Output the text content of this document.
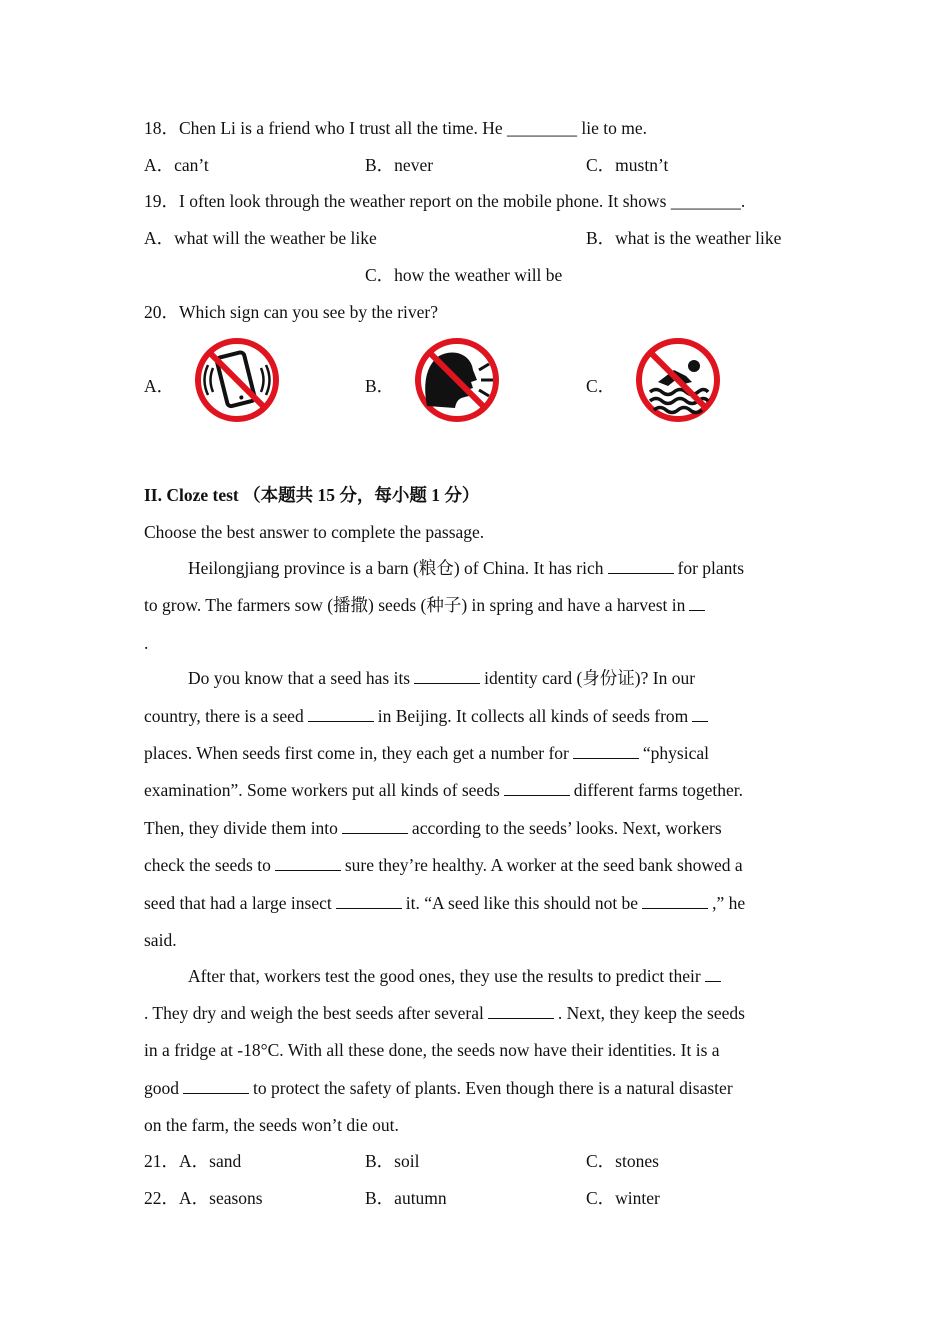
18．Chen Li is a friend who I trust all the time. He ________ lie to me.
A．can’t	B．never	C．mustn’t
19．I often look through the weather report on the mobile phone. It shows ________.
A．what will the weather be like	B．what is the weather like
C．how the weather will be
20．Which sign can you see by the river?
A．	B．	C．
II. Cloze test （本题共 15 分，每小题 1 分）
Choose the best answer to complete the passage.
Heilongjiang province is a barn (粮仓) of China. It has rich	for plants
to grow. The farmers sow (播撒) seeds (种子) in spring and have a harvest in
.
Do you know that a seed has its	identity card (身份证)? In our
country, there is a seed	in Beijing. It collects all kinds of seeds from
places. When seeds first come in, they each get a number for	“physical
examination”. Some workers put all kinds of seeds	different farms together.
Then, they divide them into	according to the seeds’ looks. Next, workers
check the seeds to	sure they’re healthy. A worker at the seed bank showed a
seed that had a large insect	it. “A seed like this should not be	,” he
said.
After that, workers test the good ones, they use the results to predict their
. They dry and weigh the best seeds after several	. Next, they keep the seeds
in a fridge at -18°C. With all these done, the seeds now have their identities. It is a
good	to protect the safety of plants. Even though there is a natural disaster
on the farm, the seeds won’t die out.
21．A．sand	B．soil	C．stones
22．A．seasons	B．autumn	C．winter
